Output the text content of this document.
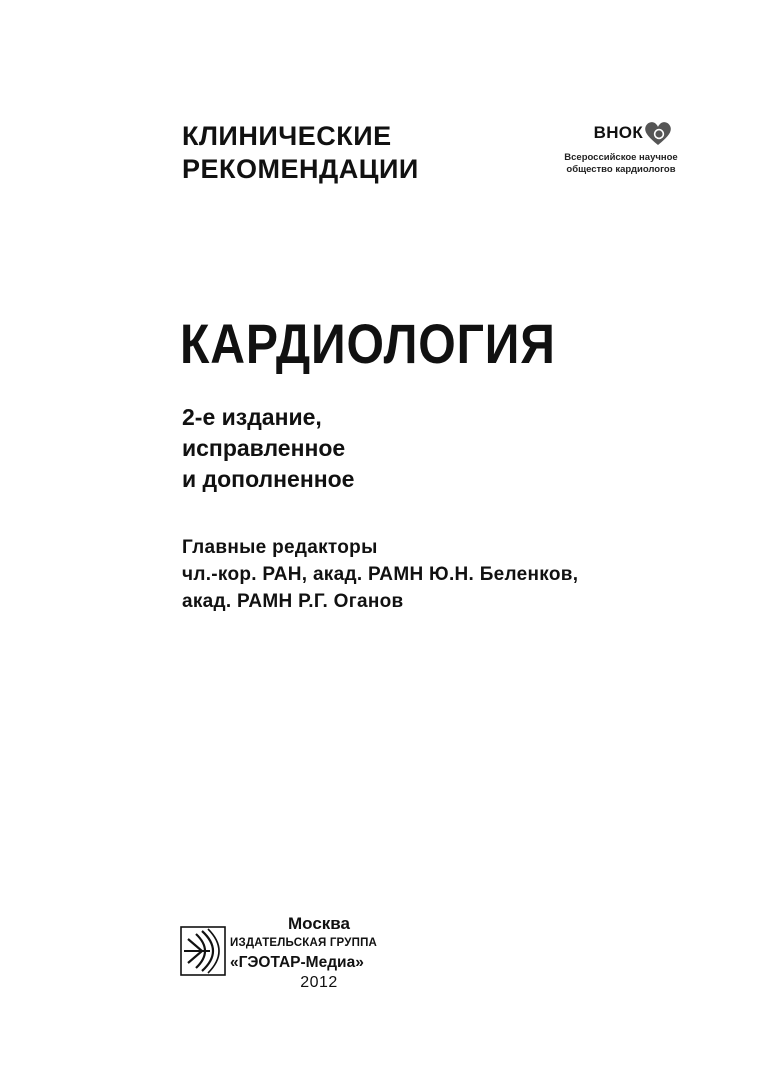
КЛИНИЧЕСКИЕ
РЕКОМЕНДАЦИИ
ВНОК
Всероссийское научное
общество кардиологов
КАРДИОЛОГИЯ
2-е издание,
исправленное
и дополненное
Главные редакторы
чл.-кор. РАН, акад. РАМН Ю.Н. Беленков,
акад. РАМН Р.Г. Оганов
Москва
ИЗДАТЕЛЬСКАЯ ГРУППА
«ГЭОТАР-Медиа»
2012
